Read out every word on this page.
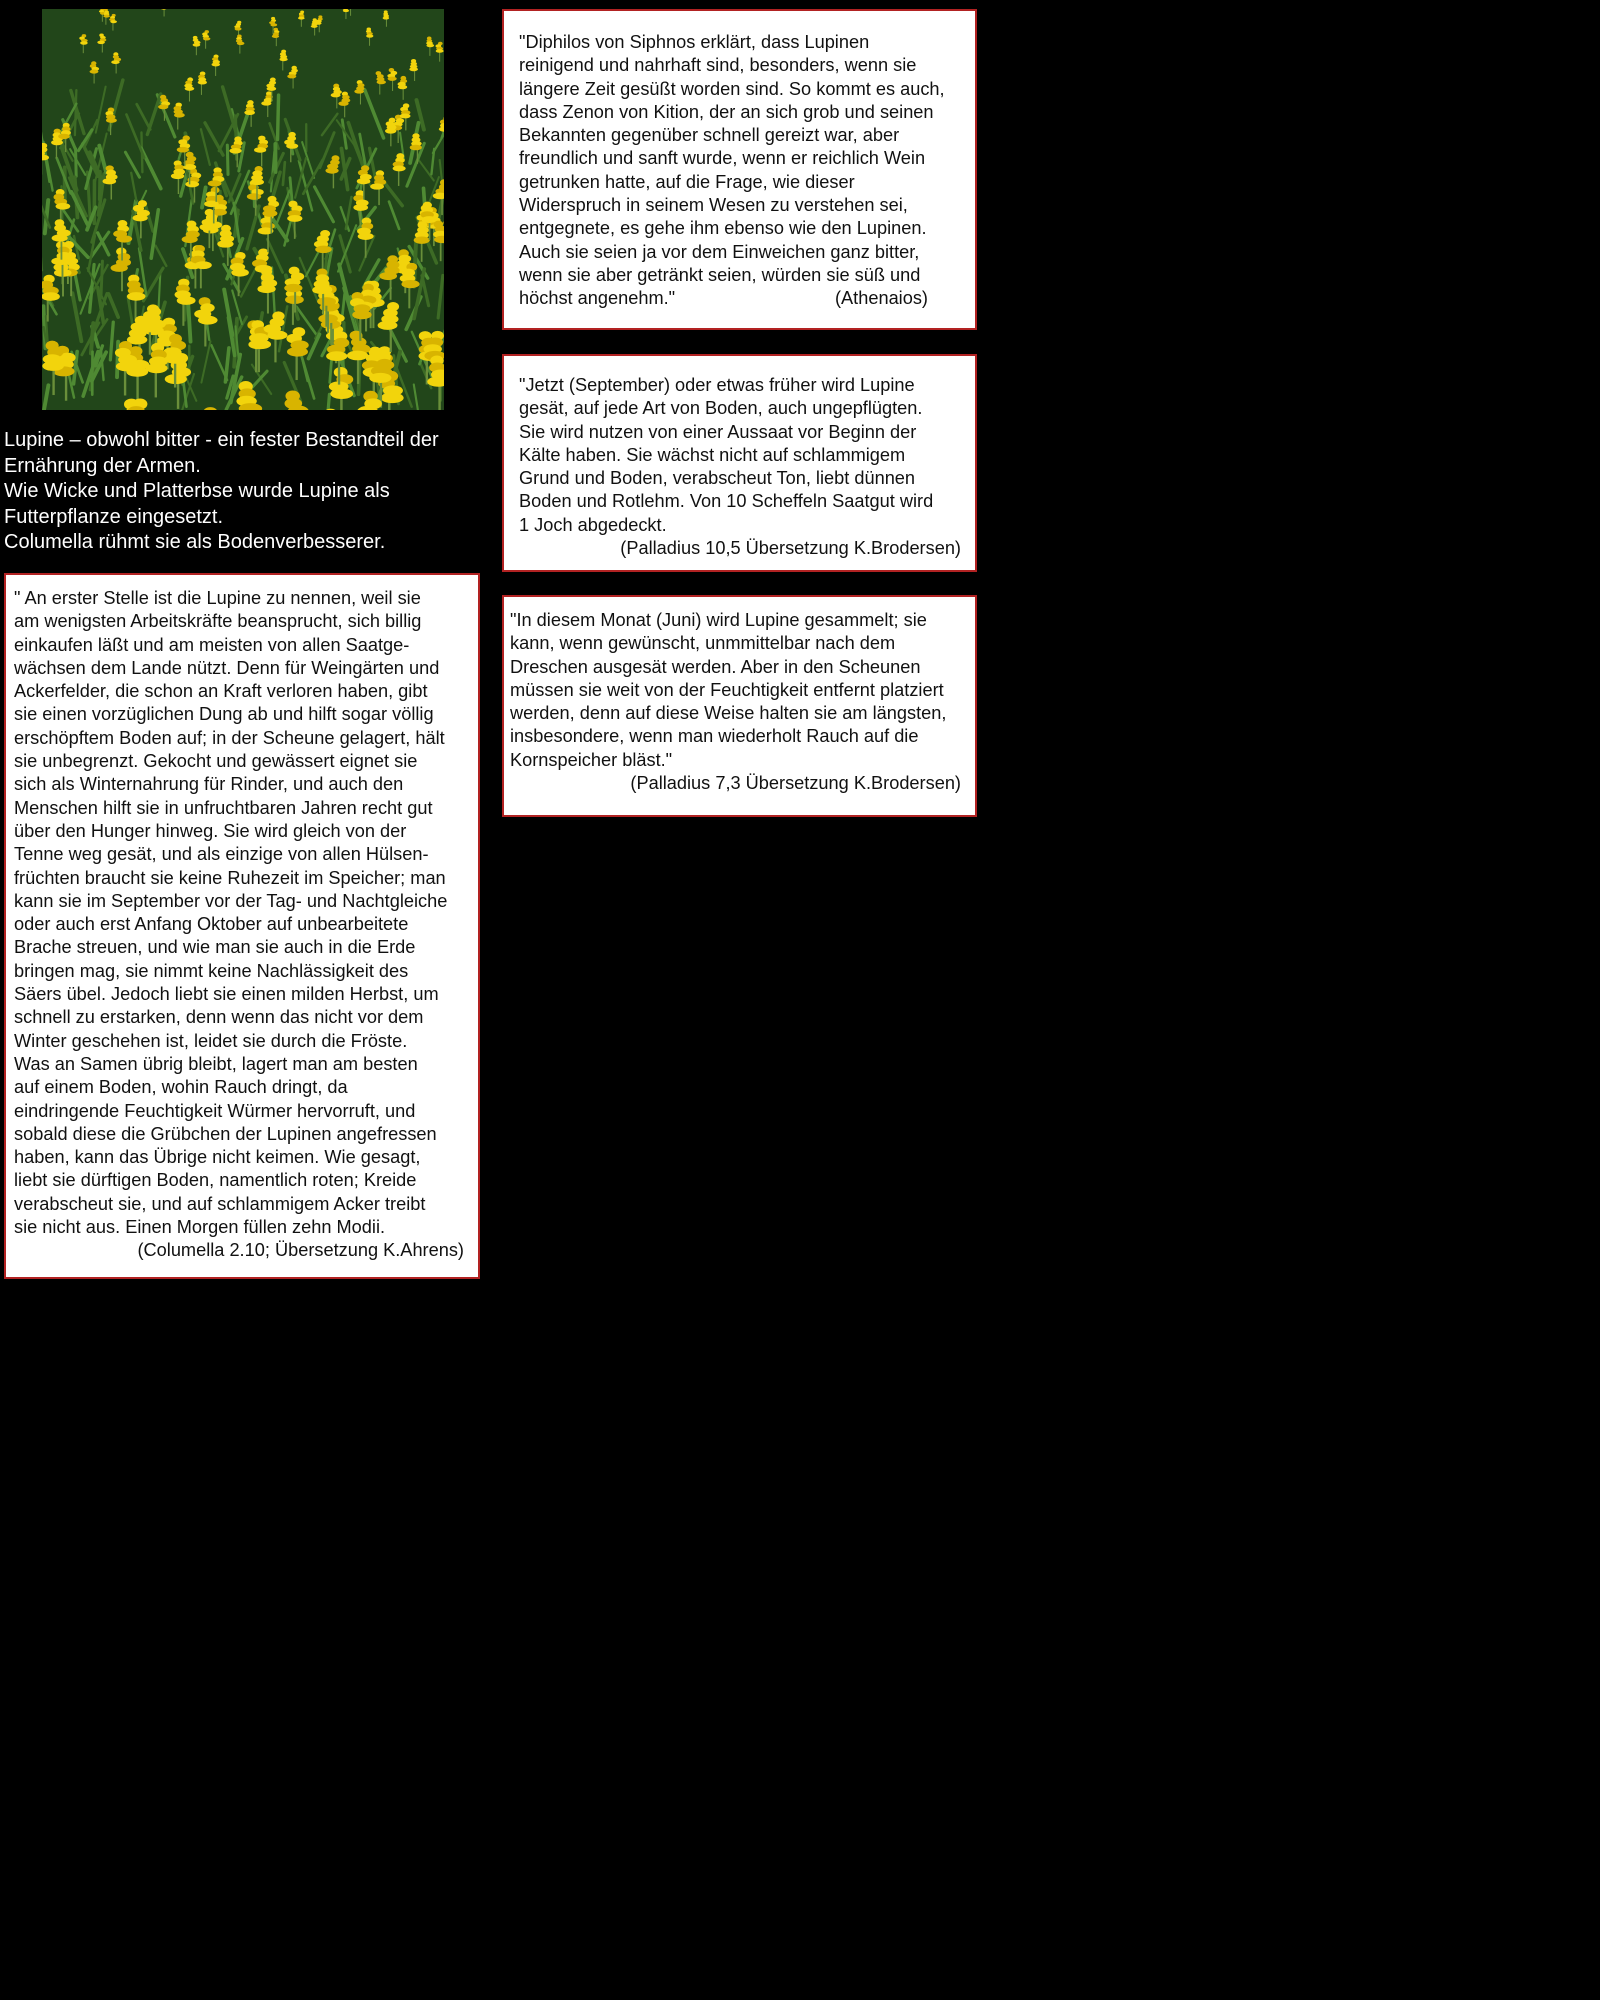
Lupine – obwohl bitter - ein fester Bestandteil der
Ernährung der Armen.
Wie Wicke und Platterbse wurde Lupine als
Futterpflanze eingesetzt.
Columella rühmt sie als Bodenverbesserer.

" An erster Stelle ist die Lupine zu nennen, weil sie
am wenigsten Arbeitskräfte beansprucht, sich billig
einkaufen läßt und am meisten von allen Saatge-
wächsen dem Lande nützt. Denn für Weingärten und
Ackerfelder, die schon an Kraft verloren haben, gibt
sie einen vorzüglichen Dung ab und hilft sogar völlig
erschöpftem Boden auf; in der Scheune gelagert, hält
sie unbegrenzt. Gekocht und gewässert eignet sie
sich als Winternahrung für Rinder, und auch den
Menschen hilft sie in unfruchtbaren Jahren recht gut
über den Hunger hinweg. Sie wird gleich von der
Tenne weg gesät, und als einzige von allen Hülsen-
früchten braucht sie keine Ruhezeit im Speicher; man
kann sie im September vor der Tag- und Nachtgleiche
oder auch erst Anfang Oktober auf unbearbeitete
Brache streuen, und wie man sie auch in die Erde
bringen mag, sie nimmt keine Nachlässigkeit des
Säers übel. Jedoch liebt sie einen milden Herbst, um
schnell zu erstarken, denn wenn das nicht vor dem
Winter geschehen ist, leidet sie durch die Fröste.
Was an Samen übrig bleibt, lagert man am besten
auf einem Boden, wohin Rauch dringt, da
eindringende Feuchtigkeit Würmer hervorruft, und
sobald diese die Grübchen der Lupinen angefressen
haben, kann das Übrige nicht keimen. Wie gesagt,
liebt sie dürftigen Boden, namentlich roten; Kreide
verabscheut sie, und auf schlammigem Acker treibt
sie nicht aus. Einen Morgen füllen zehn Modii.

(Columella 2.10; Übersetzung K.Ahrens)

"Diphilos von Siphnos erklärt, dass Lupinen
reinigend und nahrhaft sind, besonders, wenn sie
längere Zeit gesüßt worden sind. So kommt es auch,
dass Zenon von Kition, der an sich grob und seinen
Bekannten gegenüber schnell gereizt war, aber
freundlich und sanft wurde, wenn er reichlich Wein
getrunken hatte, auf die Frage, wie dieser
Widerspruch in seinem Wesen zu verstehen sei,
entgegnete, es gehe ihm ebenso wie den Lupinen.
Auch sie seien ja vor dem Einweichen ganz bitter,
wenn sie aber getränkt seien, würden sie süß und

höchst angenehm."	(Athenaios)

"Jetzt (September) oder etwas früher wird Lupine
gesät, auf jede Art von Boden, auch ungepflügten.
Sie wird nutzen von einer Aussaat vor Beginn der
Kälte haben. Sie wächst nicht auf schlammigem
Grund und Boden, verabscheut Ton, liebt dünnen
Boden und Rotlehm. Von 10 Scheffeln Saatgut wird
1 Joch abgedeckt.

(Palladius 10,5 Übersetzung K.Brodersen)

"In diesem Monat (Juni) wird Lupine gesammelt; sie
kann, wenn gewünscht, unmmittelbar nach dem
Dreschen ausgesät werden. Aber in den Scheunen
müssen sie weit von der Feuchtigkeit entfernt platziert
werden, denn auf diese Weise halten sie am längsten,
insbesondere, wenn man wiederholt Rauch auf die
Kornspeicher bläst."

(Palladius 7,3 Übersetzung K.Brodersen)
